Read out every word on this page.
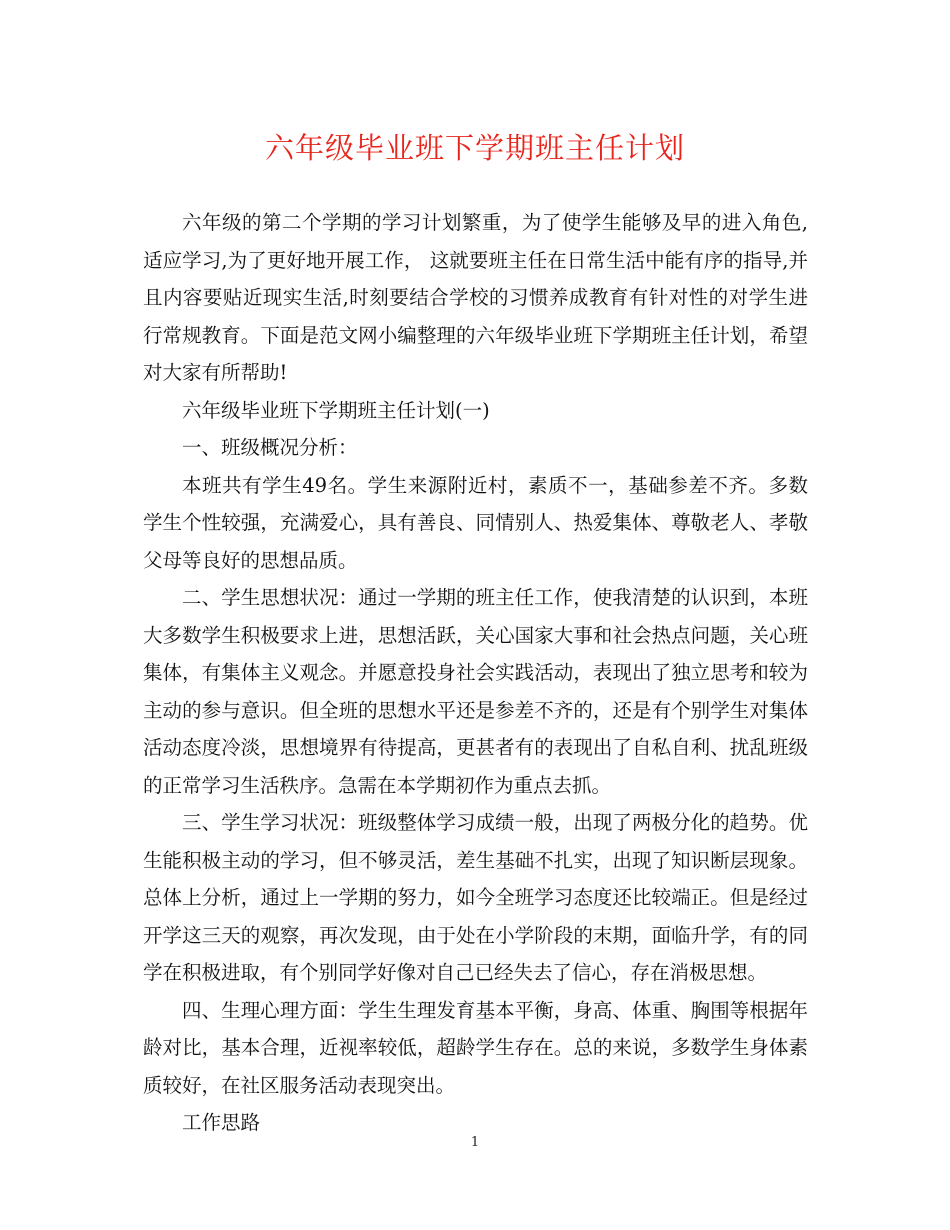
六年级毕业班下学期班主任计划

六年级的第二个学期的学习计划繁重，为了使学生能够及早的进入角色,适应学习,为了更好地开展工作， 这就要班主任在日常生活中能有序的指导,并且内容要贴近现实生活,时刻要结合学校的习惯养成教育有针对性的对学生进行常规教育。下面是范文网小编整理的六年级毕业班下学期班主任计划，希望对大家有所帮助!

六年级毕业班下学期班主任计划(一)

一、班级概况分析：

本班共有学生49名。学生来源附近村，素质不一，基础参差不齐。多数学生个性较强，充满爱心，具有善良、同情别人、热爱集体、尊敬老人、孝敬父母等良好的思想品质。

二、学生思想状况：通过一学期的班主任工作，使我清楚的认识到，本班大多数学生积极要求上进，思想活跃，关心国家大事和社会热点问题，关心班集体，有集体主义观念。并愿意投身社会实践活动，表现出了独立思考和较为主动的参与意识。但全班的思想水平还是参差不齐的，还是有个别学生对集体活动态度冷淡，思想境界有待提高，更甚者有的表现出了自私自利、扰乱班级的正常学习生活秩序。急需在本学期初作为重点去抓。

三、学生学习状况：班级整体学习成绩一般，出现了两极分化的趋势。优生能积极主动的学习，但不够灵活，差生基础不扎实，出现了知识断层现象。总体上分析，通过上一学期的努力，如今全班学习态度还比较端正。但是经过开学这三天的观察，再次发现，由于处在小学阶段的末期，面临升学，有的同学在积极进取，有个别同学好像对自己已经失去了信心，存在消极思想。

四、生理心理方面：学生生理发育基本平衡，身高、体重、胸围等根据年龄对比，基本合理，近视率较低，超龄学生存在。总的来说，多数学生身体素质较好，在社区服务活动表现突出。

工作思路

1
